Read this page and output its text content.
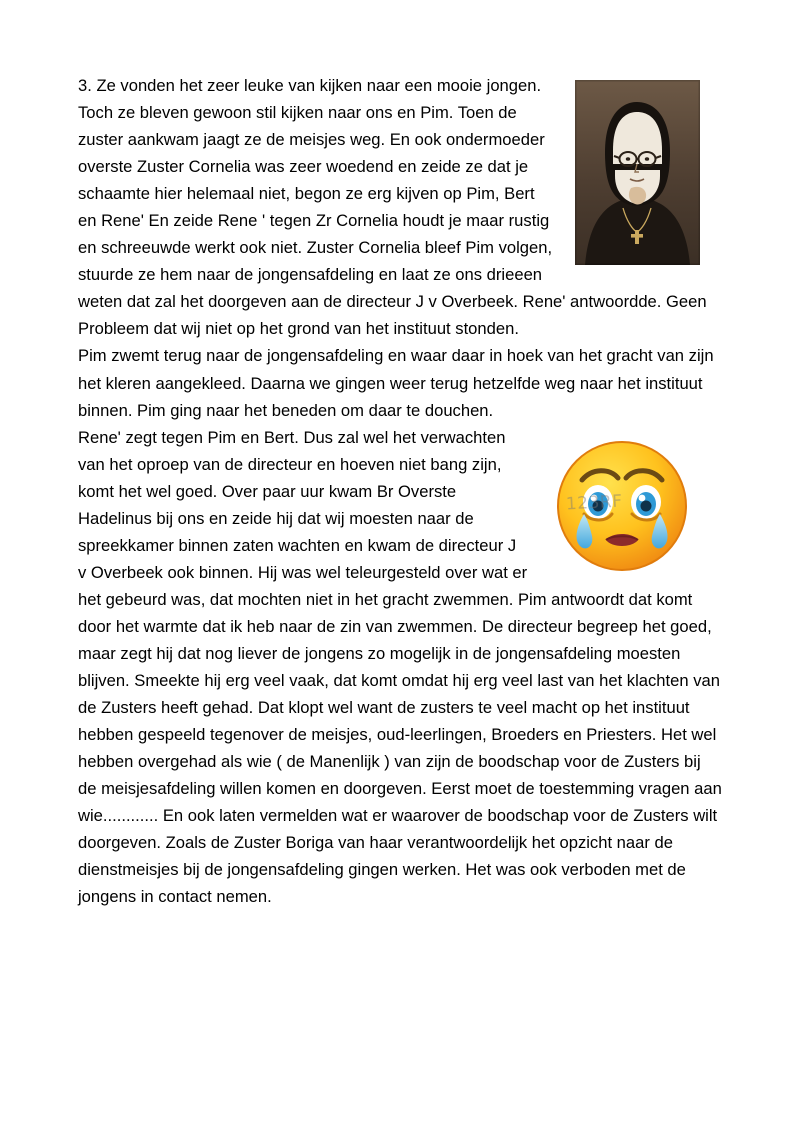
3. Ze vonden het zeer leuke van kijken naar een mooie jongen. Toch ze bleven gewoon stil kijken naar ons en Pim. Toen de zuster aankwam jaagt ze de meisjes weg. En ook ondermoeder overste Zuster Cornelia was zeer woedend en zeide ze dat je schaamte hier helemaal niet, begon ze erg kijven op Pim, Bert en Rene' En zeide Rene ' tegen Zr Cornelia houdt je maar rustig en schreeuwde werkt ook niet. Zuster Cornelia bleef Pim volgen, stuurde ze hem naar de jongensafdeling en laat ze ons drieeen weten dat zal het doorgeven aan de directeur J v Overbeek. Rene' antwoordde. Geen Probleem dat wij niet op het grond van het instituut stonden.

Pim zwemt terug naar de jongensafdeling en waar daar in hoek van het gracht van zijn het kleren aangekleed. Daarna we gingen weer terug hetzelfde weg naar het instituut binnen. Pim ging naar het beneden om daar te douchen.

123RF

Rene' zegt tegen Pim en Bert. Dus zal wel het verwachten van het oproep van de directeur en hoeven niet bang zijn, komt het wel goed. Over paar uur kwam Br Overste Hadelinus bij ons en zeide hij dat wij moesten naar de spreekkamer binnen zaten wachten en kwam de directeur J v Overbeek ook binnen. Hij was wel teleurgesteld over wat er het gebeurd was, dat mochten niet in het gracht zwemmen. Pim antwoordt dat komt door het warmte dat ik heb naar de zin van zwemmen. De directeur begreep het goed, maar zegt hij dat nog liever de jongens zo mogelijk in de jongensafdeling moesten blijven. Smeekte hij erg veel vaak, dat komt omdat hij erg veel last van het klachten van de Zusters heeft gehad. Dat klopt wel want de zusters te veel macht op het instituut hebben gespeeld tegenover de meisjes, oud-leerlingen, Broeders en Priesters. Het wel hebben overgehad als wie ( de Manenlijk ) van zijn de boodschap voor de Zusters bij de meisjesafdeling willen komen en doorgeven. Eerst moet de toestemming vragen aan wie............ En ook laten vermelden wat er waarover de boodschap voor de Zusters wilt doorgeven. Zoals de Zuster Boriga van haar verantwoordelijk het opzicht naar de dienstmeisjes bij de jongensafdeling gingen werken. Het was ook verboden met de jongens in contact nemen.
